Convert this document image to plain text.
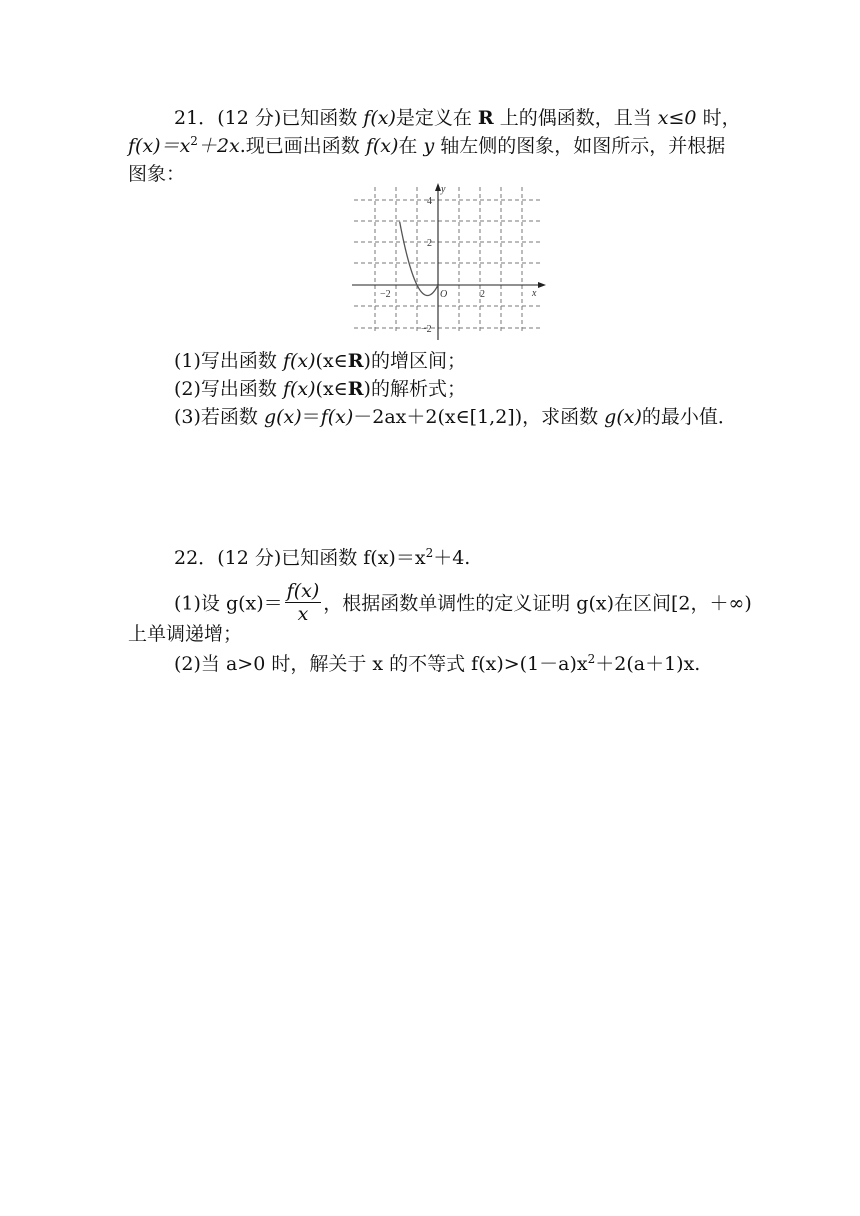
21．(12 分)已知函数 f(x)是定义在 R 上的偶函数，且当 x≤0 时，
$f(x)=x^2+2x$.现已画出函数 f(x)在 y 轴左侧的图象，如图所示，并根据
图象：
y
x
O
4
2
−2
−2	2
(1)写出函数 f(x)(x∈R)的增区间；
(2)写出函数 f(x)(x∈R)的解析式；
(3)若函数 g(x)＝f(x)－2ax＋2(x∈[1,2])，求函数 g(x)的最小值．
22．(12 分)已知函数 $f(x)=x^2+4$.
(1)设 $g(x)= \frac{f(x)}{x}$ ，根据函数单调性的定义证明 g(x)在区间[2，＋∞)
上单调递增；
(2)当 a>0 时，解关于 x 的不等式 $f(x)>(1-a)x^2+2(a+1)x$.
